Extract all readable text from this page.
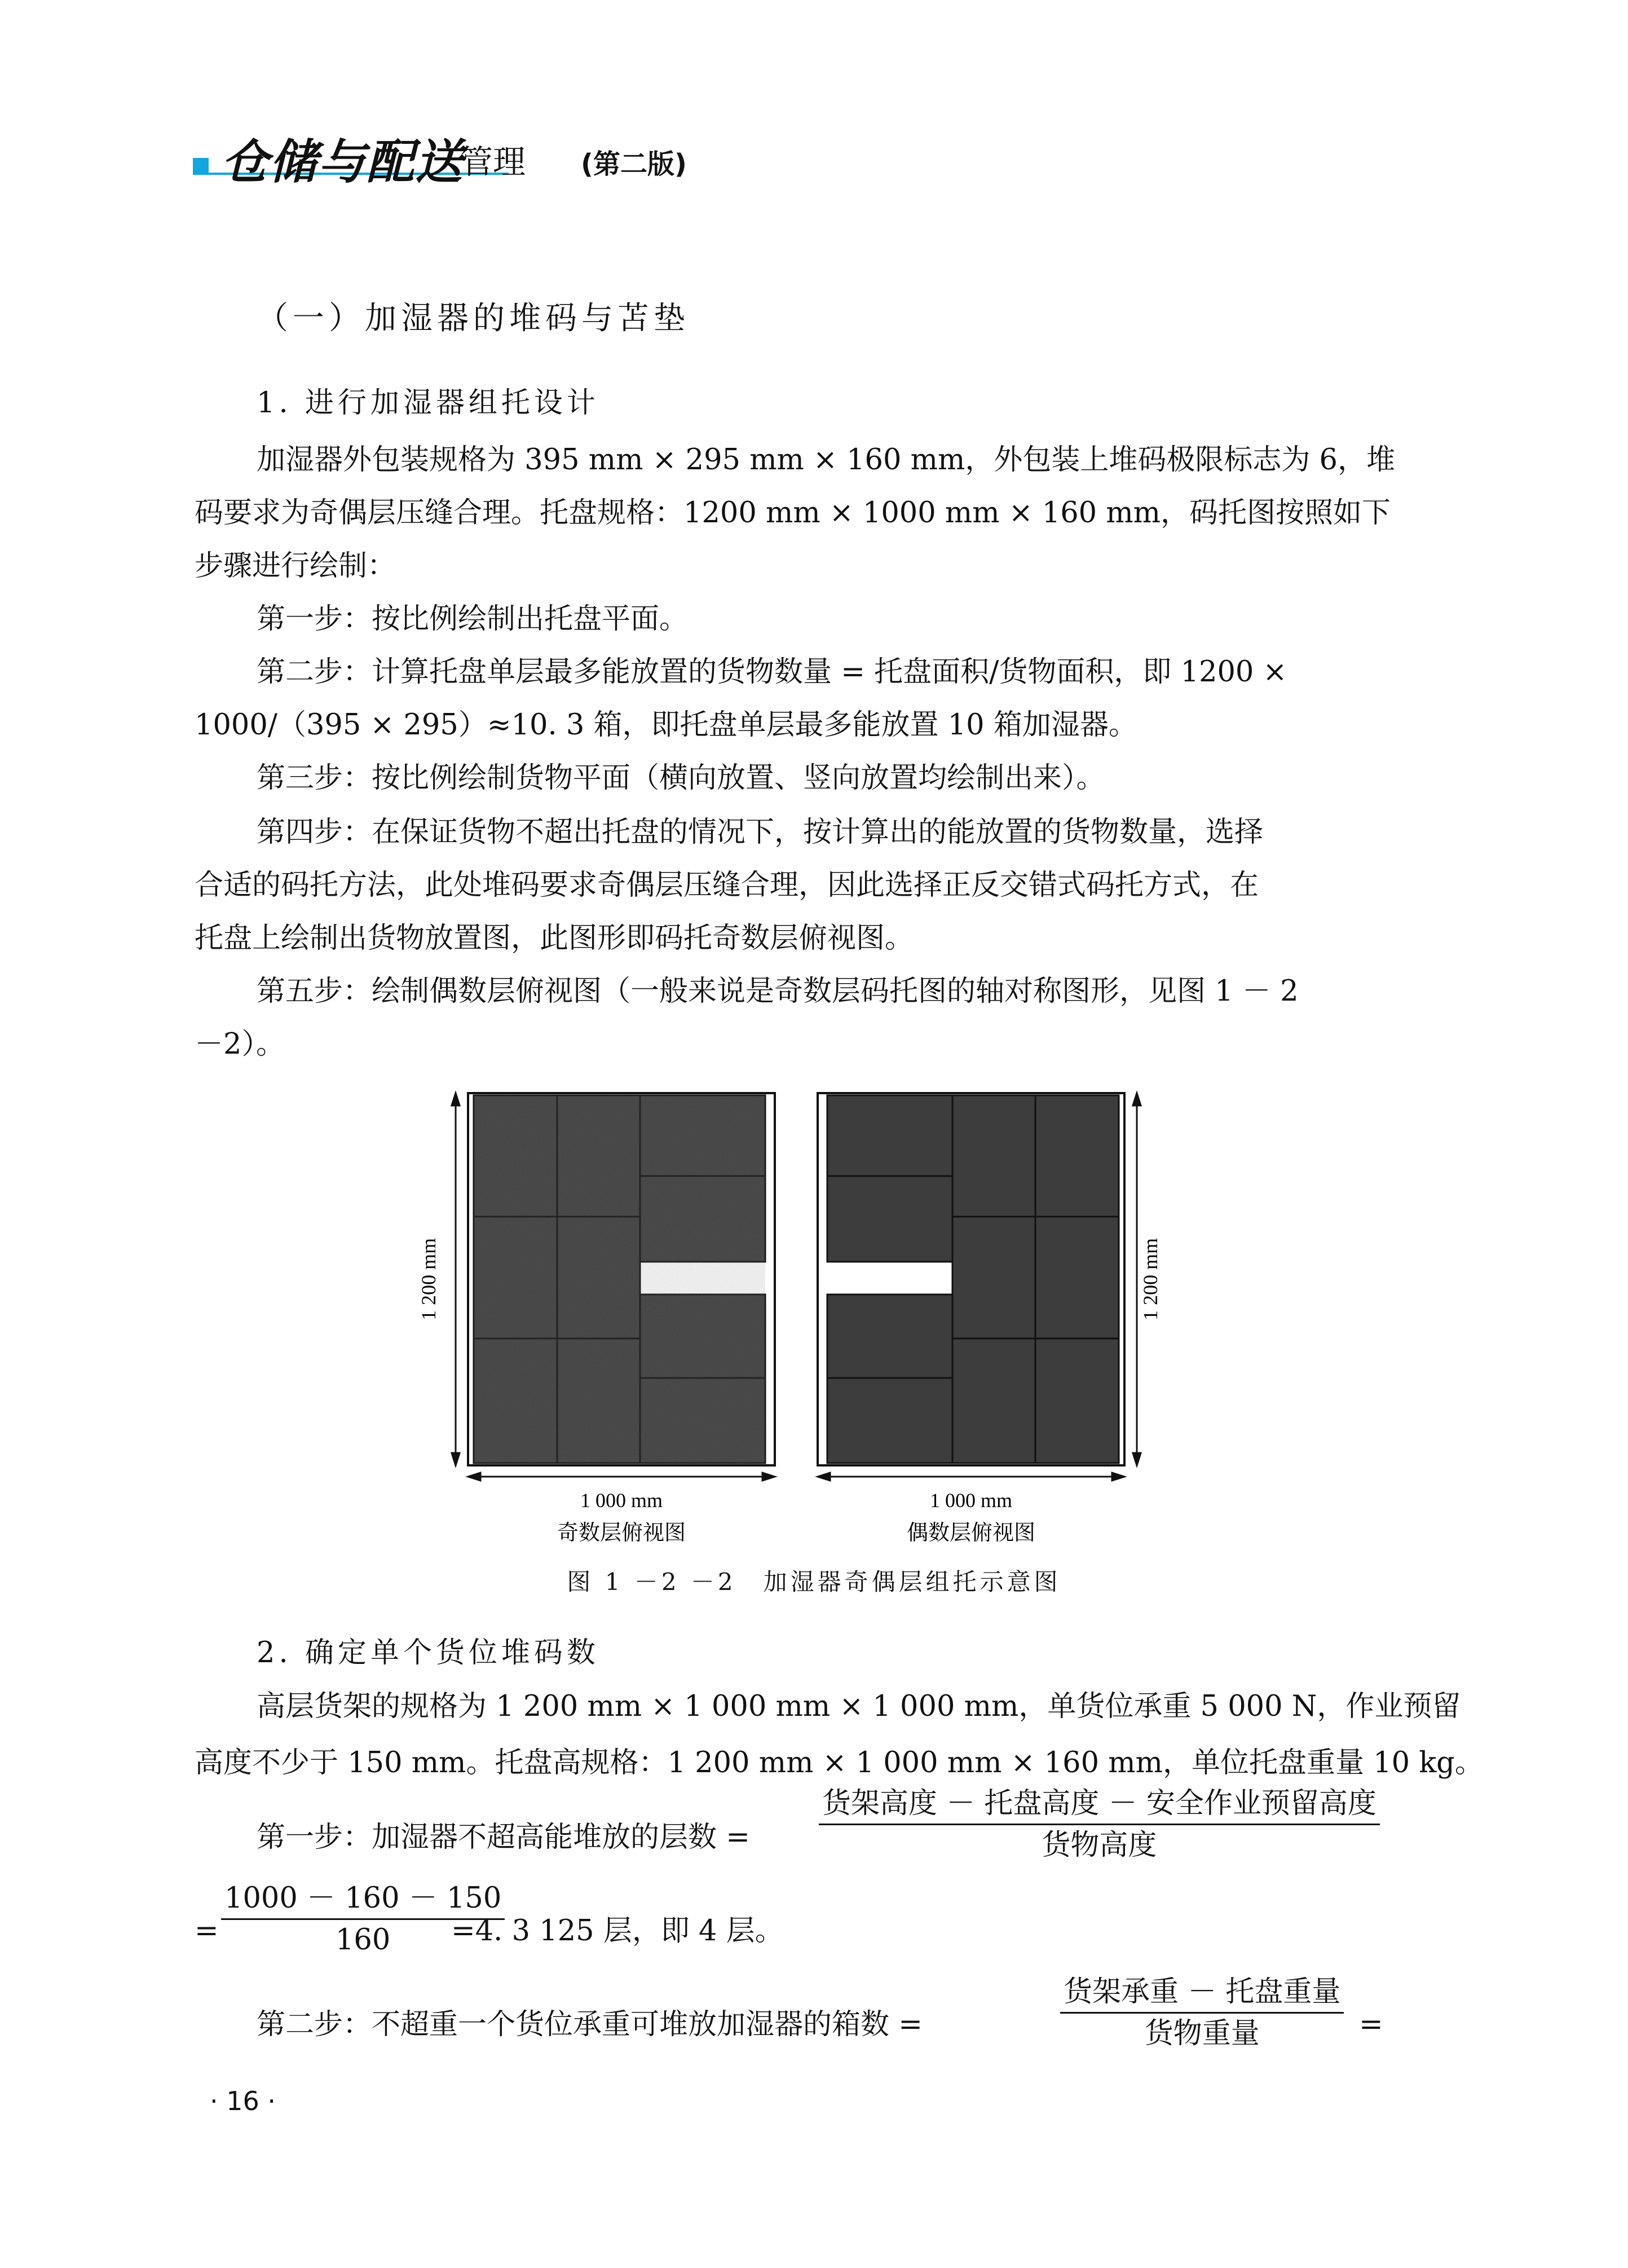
仓储与配送
管理 (第二版)
（一）加湿器的堆码与苫垫
1. 进行加湿器组托设计
加湿器外包装规格为 395 mm × 295 mm × 160 mm，外包装上堆码极限标志为 6，堆
码要求为奇偶层压缝合理。托盘规格：1200 mm × 1000 mm × 160 mm，码托图按照如下
步骤进行绘制：
第一步：按比例绘制出托盘平面。
第二步：计算托盘单层最多能放置的货物数量 = 托盘面积/货物面积，即 1200 ×
1000/（395 × 295）≈10. 3 箱，即托盘单层最多能放置 10 箱加湿器。
第三步：按比例绘制货物平面（横向放置、竖向放置均绘制出来）。
第四步：在保证货物不超出托盘的情况下，按计算出的能放置的货物数量，选择
合适的码托方法，此处堆码要求奇偶层压缝合理，因此选择正反交错式码托方式，在
托盘上绘制出货物放置图，此图形即码托奇数层俯视图。
第五步：绘制偶数层俯视图（一般来说是奇数层码托图的轴对称图形，见图 1 － 2
－2）。
1 200 mm	1 200 mm
1 000 mm	1 000 mm
奇数层俯视图	偶数层俯视图
图 1 －2 －2　加湿器奇偶层组托示意图
2. 确定单个货位堆码数
高层货架的规格为 1 200 mm × 1 000 mm × 1 000 mm，单货位承重 5 000 N，作业预留
高度不少于 150 mm。托盘高规格：1 200 mm × 1 000 mm × 160 mm，单位托盘重量 10 kg。
第一步：加湿器不超高能堆放的层数 =
货架高度 － 托盘高度 － 安全作业预留高度
货物高度
= $\frac{1000 - 160 - 150}{160}$
=4. 3 125 层，即 4 层。
第二步：不超重一个货位承重可堆放加湿器的箱数 =
货架承重 － 托盘重量
货物重量	=
· 16 ·
